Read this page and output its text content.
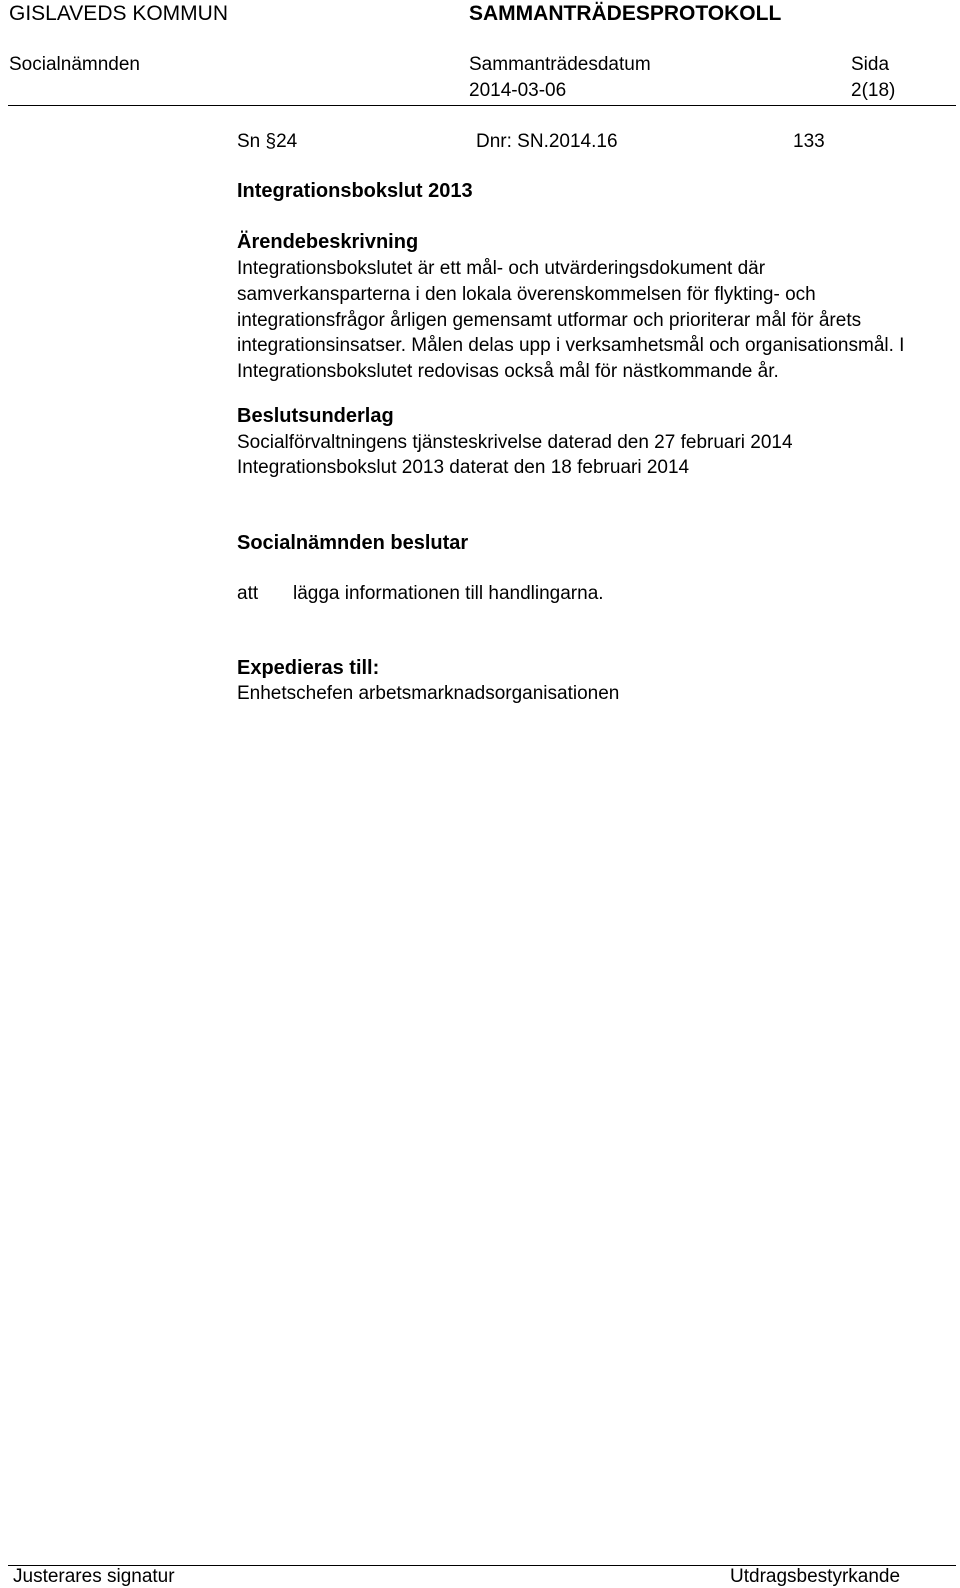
GISLAVEDS KOMMUN	SAMMANTRÄDESPROTOKOLL
Socialnämnden	Sammanträdesdatum
2014-03-06
Sida
2(18)
Sn §24	Dnr: SN.2014.16	133
Integrationsbokslut 2013
Ärendebeskrivning
Integrationsbokslutet är ett mål- och utvärderingsdokument där
samverkansparterna i den lokala överenskommelsen för flykting- och
integrationsfrågor årligen gemensamt utformar och prioriterar mål för årets
integrationsinsatser. Målen delas upp i verksamhetsmål och organisationsmål. I
Integrationsbokslutet redovisas också mål för nästkommande år.
Beslutsunderlag
Socialförvaltningens tjänsteskrivelse daterad den 27 februari 2014
Integrationsbokslut 2013 daterat den 18 februari 2014
Socialnämnden beslutar
att lägga informationen till handlingarna.
Expedieras till:
Enhetschefen arbetsmarknadsorganisationen
Justerares signatur	Utdragsbestyrkande
